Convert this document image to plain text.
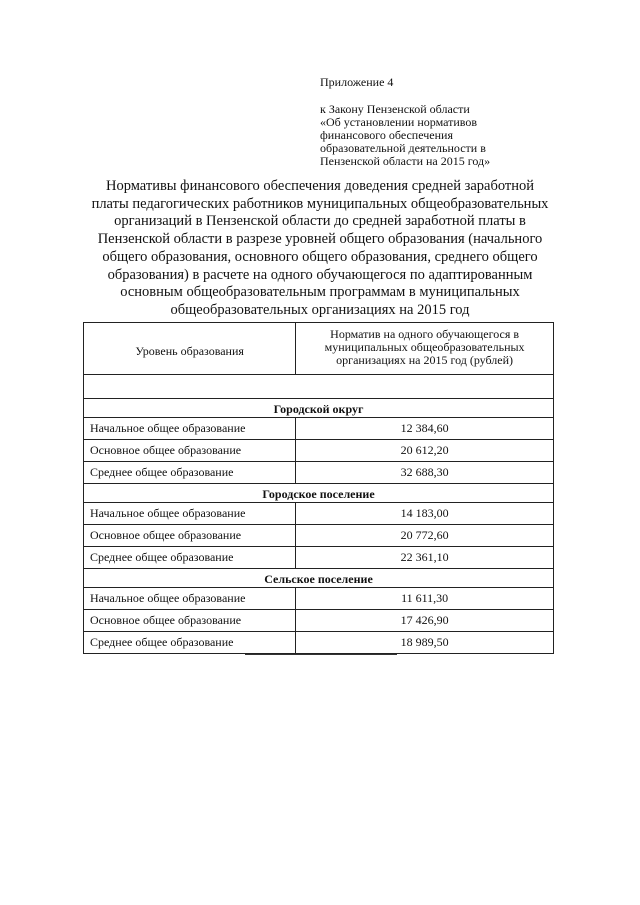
Приложение 4
к Закону Пензенской области
«Об установлении нормативов
финансового обеспечения
образовательной деятельности в
Пензенской области на 2015 год»
Нормативы финансового обеспечения доведения средней заработной
платы педагогических работников муниципальных общеобразовательных
организаций в Пензенской области до средней заработной платы в
Пензенской области в разрезе уровней общего образования (начального
общего образования, основного общего образования, среднего общего
образования) в расчете на одного обучающегося по адаптированным
основным общеобразовательным программам в муниципальных
общеобразовательных организациях на 2015 год
Уровень образования	Норматив на одного обучающегося в муниципальных общеобразовательных организациях на 2015 год (рублей)

Городской округ	
Начальное общее образование	12 384,60
Основное общее образование	20 612,20
Среднее общее образование	32 688,30
Городское поселение	
Начальное общее образование	14 183,00
Основное общее образование	20 772,60
Среднее общее образование	22 361,10
Сельское поселение	
Начальное общее образование	11 611,30
Основное общее образование	17 426,90
Среднее общее образование	18 989,50
